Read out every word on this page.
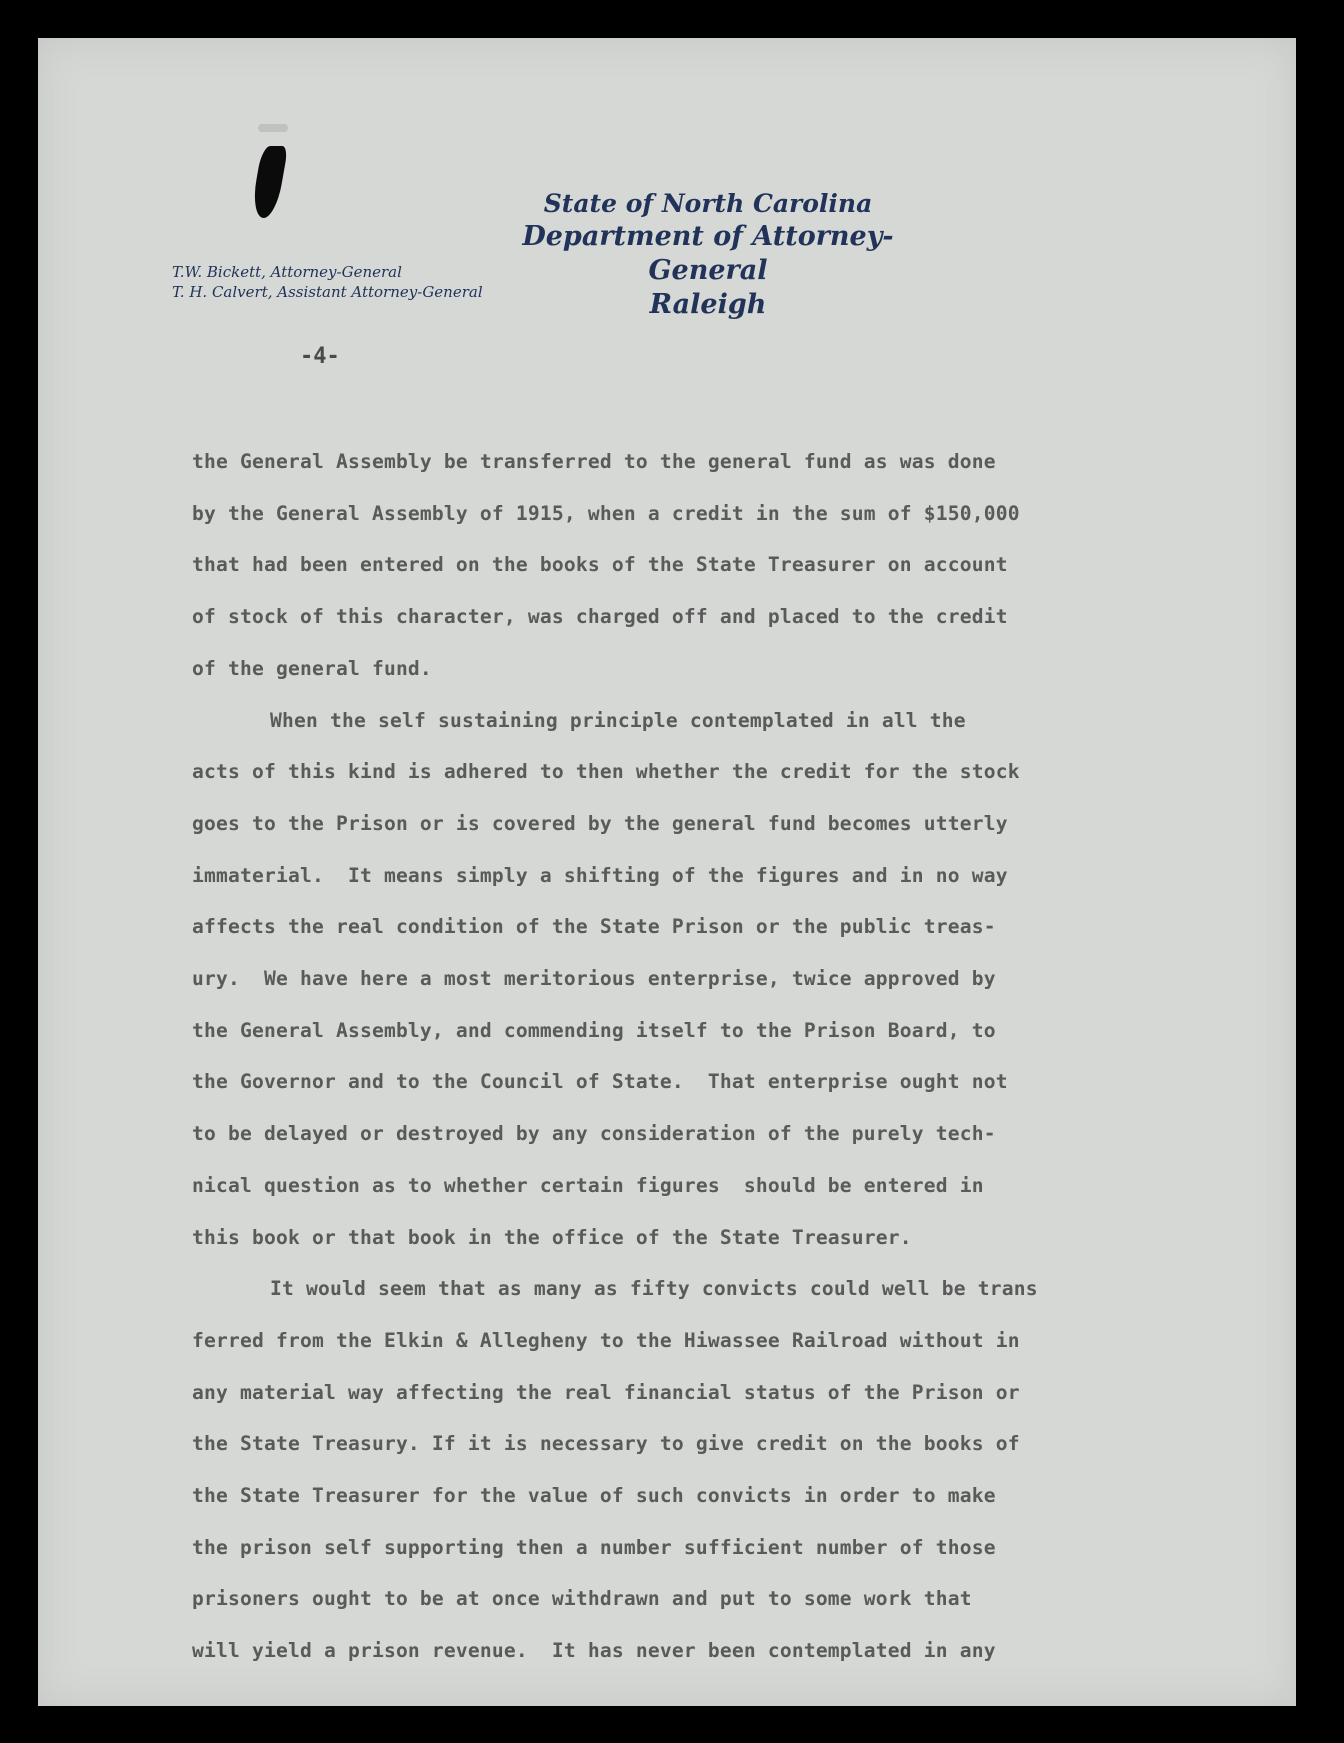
State of North Carolina
Department of Attorney-General
Raleigh
T.W. Bickett, Attorney-General
T. H. Calvert, Assistant Attorney-General
-4-
the General Assembly be transferred to the general fund as was done
by the General Assembly of 1915, when a credit in the sum of $150,000
that had been entered on the books of the State Treasurer on account
of stock of this character, was charged off and placed to the credit
of the general fund.
When the self sustaining principle contemplated in all the
acts of this kind is adhered to then whether the credit for the stock
goes to the Prison or is covered by the general fund becomes utterly
immaterial.  It means simply a shifting of the figures and in no way
affects the real condition of the State Prison or the public treas-
ury.  We have here a most meritorious enterprise, twice approved by
the General Assembly, and commending itself to the Prison Board, to
the Governor and to the Council of State.  That enterprise ought not
to be delayed or destroyed by any consideration of the purely tech-
nical question as to whether certain figures  should be entered in
this book or that book in the office of the State Treasurer.
It would seem that as many as fifty convicts could well be trans
ferred from the Elkin & Allegheny to the Hiwassee Railroad without in
any material way affecting the real financial status of the Prison or
the State Treasury. If it is necessary to give credit on the books of
the State Treasurer for the value of such convicts in order to make
the prison self supporting then a number sufficient number of those
prisoners ought to be at once withdrawn and put to some work that
will yield a prison revenue.  It has never been contemplated in any
